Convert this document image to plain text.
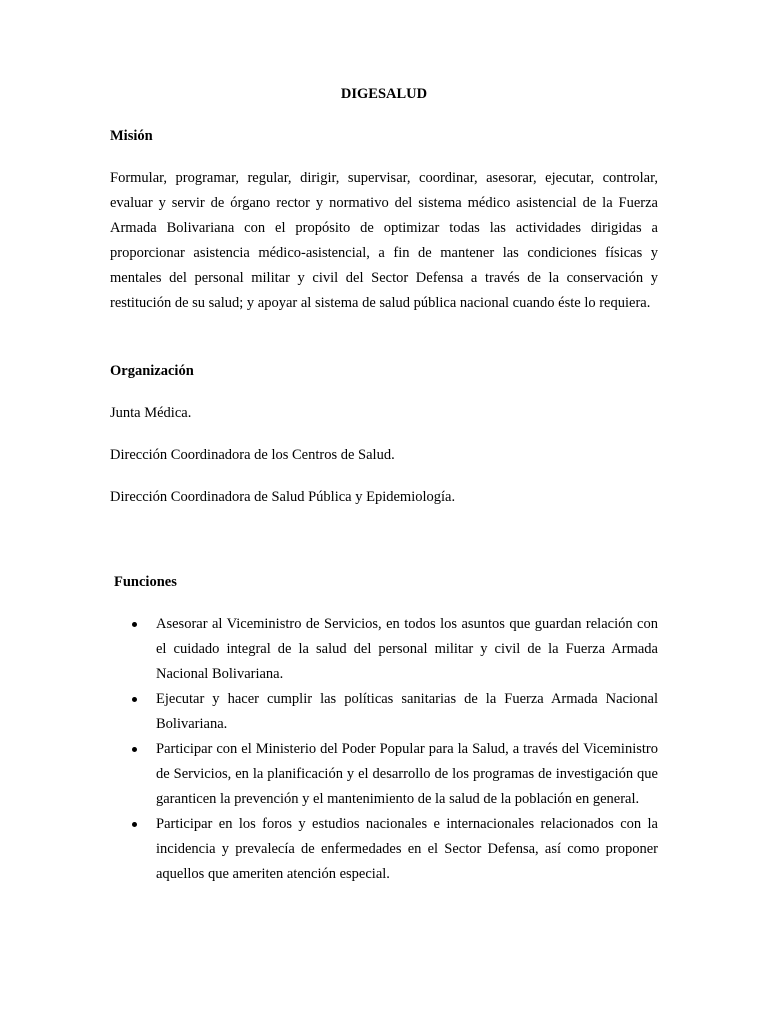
DIGESALUD
Misión

Formular, programar, regular, dirigir, supervisar, coordinar, asesorar, ejecutar, controlar, evaluar y servir de órgano rector y normativo del sistema médico asistencial de la Fuerza Armada Bolivariana con el propósito de optimizar todas las actividades dirigidas a proporcionar asistencia médico-asistencial, a fin de mantener las condiciones físicas y mentales del personal militar y civil del Sector Defensa a través de la conservación y restitución de su salud; y apoyar al sistema de salud pública nacional cuando éste lo requiera.

Organización

Junta Médica.

Dirección Coordinadora de los Centros de Salud.

Dirección Coordinadora de Salud Pública y Epidemiología.

Funciones
Asesorar al Viceministro de Servicios, en todos los asuntos que guardan relación con el cuidado integral de la salud del personal militar y civil de la Fuerza Armada Nacional Bolivariana.
Ejecutar y hacer cumplir las políticas sanitarias de la Fuerza Armada Nacional Bolivariana.
Participar con el Ministerio del Poder Popular para la Salud, a través del Viceministro de Servicios, en la planificación y el desarrollo de los programas de investigación que garanticen la prevención y el mantenimiento de la salud de la población en general.
Participar en los foros y estudios nacionales e internacionales relacionados con la incidencia y prevalecía de enfermedades en el Sector Defensa, así como proponer aquellos que ameriten atención especial.
